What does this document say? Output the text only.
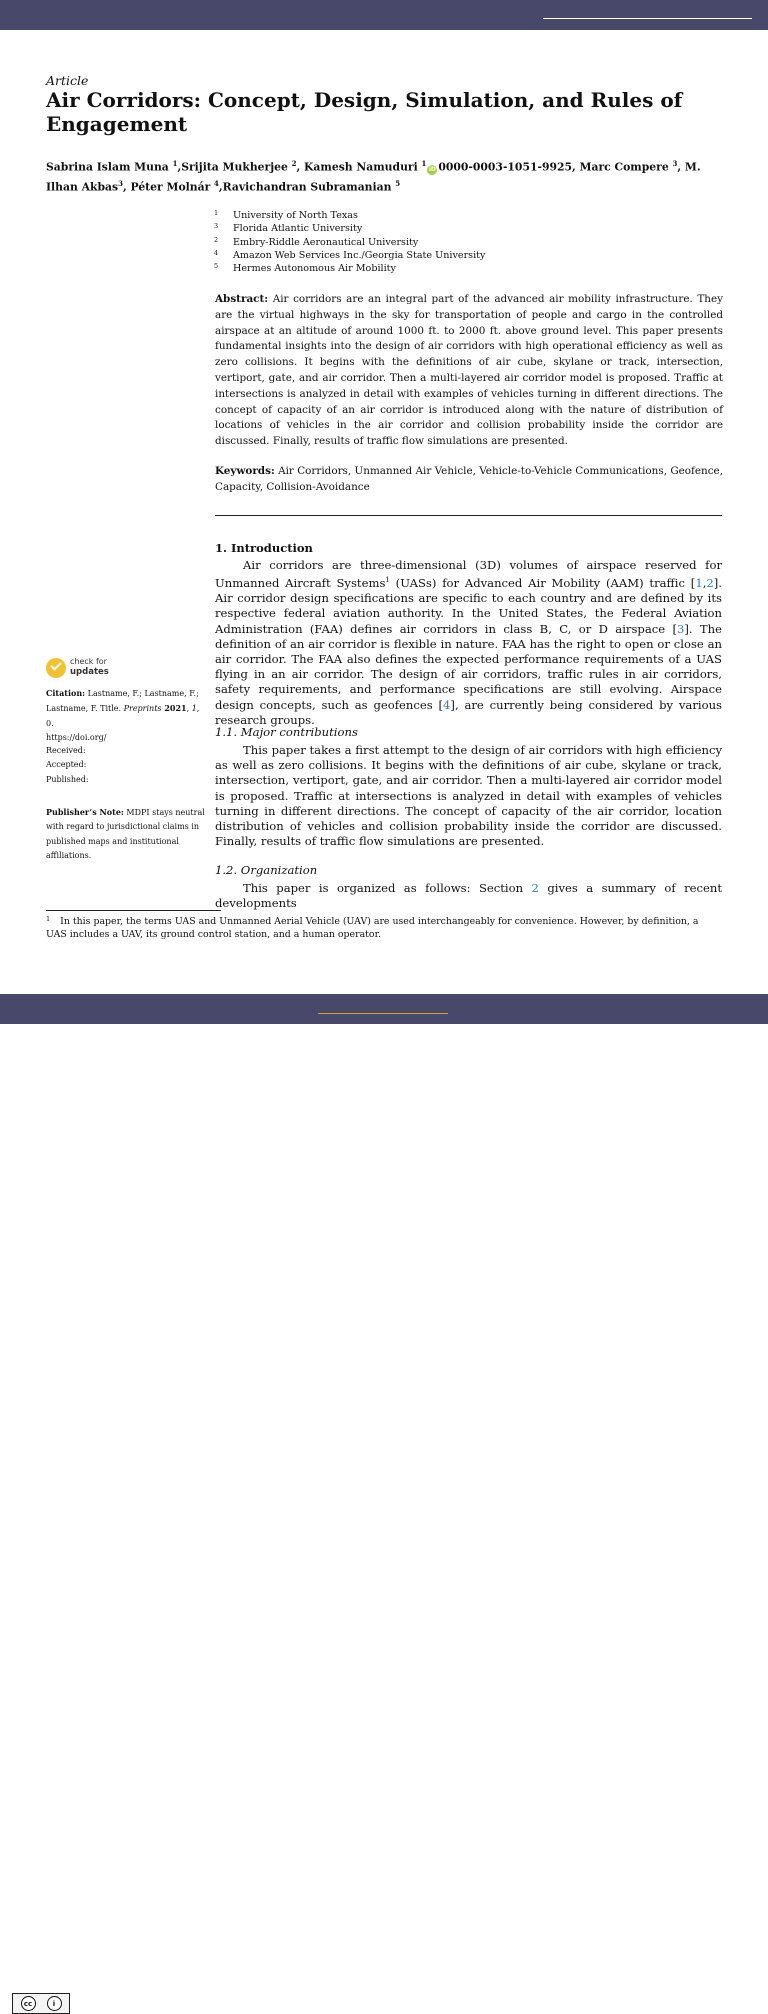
Article
Air Corridors: Concept, Design, Simulation, and Rules of Engagement
Sabrina Islam Muna $^1$,Srijita Mukherjee $^2$, Kamesh Namuduri $^1$iD 0000-0003-1051-9925, Marc Compere $^3$, M. Ilhan Akbas$^3$, Péter Molnár $^4$,Ravichandran Subramanian $^5$
1 University of North Texas
3 Florida Atlantic University
2 Embry-Riddle Aeronautical University
4 Amazon Web Services Inc./Georgia State University
5 Hermes Autonomous Air Mobility

Abstract: Air corridors are an integral part of the advanced air mobility infrastructure. They are the virtual highways in the sky for transportation of people and cargo in the controlled airspace at an altitude of around 1000 ft. to 2000 ft. above ground level. This paper presents fundamental insights into the design of air corridors with high operational efficiency as well as zero collisions. It begins with the definitions of air cube, skylane or track, intersection, vertiport, gate, and air corridor. Then a multi-layered air corridor model is proposed. Traffic at intersections is analyzed in detail with examples of vehicles turning in different directions. The concept of capacity of an air corridor is introduced along with the nature of distribution of locations of vehicles in the air corridor and collision probability inside the corridor are discussed. Finally, results of traffic flow simulations are presented.

Keywords: Air Corridors, Unmanned Air Vehicle, Vehicle-to-Vehicle Communications, Geofence, Capacity, Collision-Avoidance

1. Introduction

Air corridors are three-dimensional (3D) volumes of airspace reserved for Unmanned Aircraft Systems$^1$ (UASs) for Advanced Air Mobility (AAM) traffic [1,2]. Air corridor design specifications are specific to each country and are defined by its respective federal aviation authority. In the United States, the Federal Aviation Administration (FAA) defines air corridors in class B, C, or D airspace [3]. The definition of an air corridor is flexible in nature. FAA has the right to open or close an air corridor. The FAA also defines the expected performance requirements of a UAS flying in an air corridor. The design of air corridors, traffic rules in air corridors, safety requirements, and performance specifications are still evolving. Airspace design concepts, such as geofences [4], are currently being considered by various research groups.

1.1. Major contributions

This paper takes a first attempt to the design of air corridors with high efficiency as well as zero collisions. It begins with the definitions of air cube, skylane or track, intersection, vertiport, gate, and air corridor. Then a multi-layered air corridor model is proposed. Traffic at intersections is analyzed in detail with examples of vehicles turning in different directions. The concept of capacity of the air corridor, location distribution of vehicles and collision probability inside the corridor are discussed. Finally, results of traffic flow simulations are presented.

1.2. Organization

This paper is organized as follows: Section 2 gives a summary of recent developments

check for
updates

Citation: Lastname, F.; Lastname, F.; Lastname, F. Title. Preprints 2021, 1, 0.
https://doi.org/

Received:
Accepted:
Published:

Publisher’s Note: MDPI stays neutral with regard to jurisdictional claims in published maps and institutional affiliations.

$^1$ In this paper, the terms UAS and Unmanned Aerial Vehicle (UAV) are used interchangeably for convenience. However, by definition, a UAS includes a UAV, its ground control station, and a human operator.

cc	i
